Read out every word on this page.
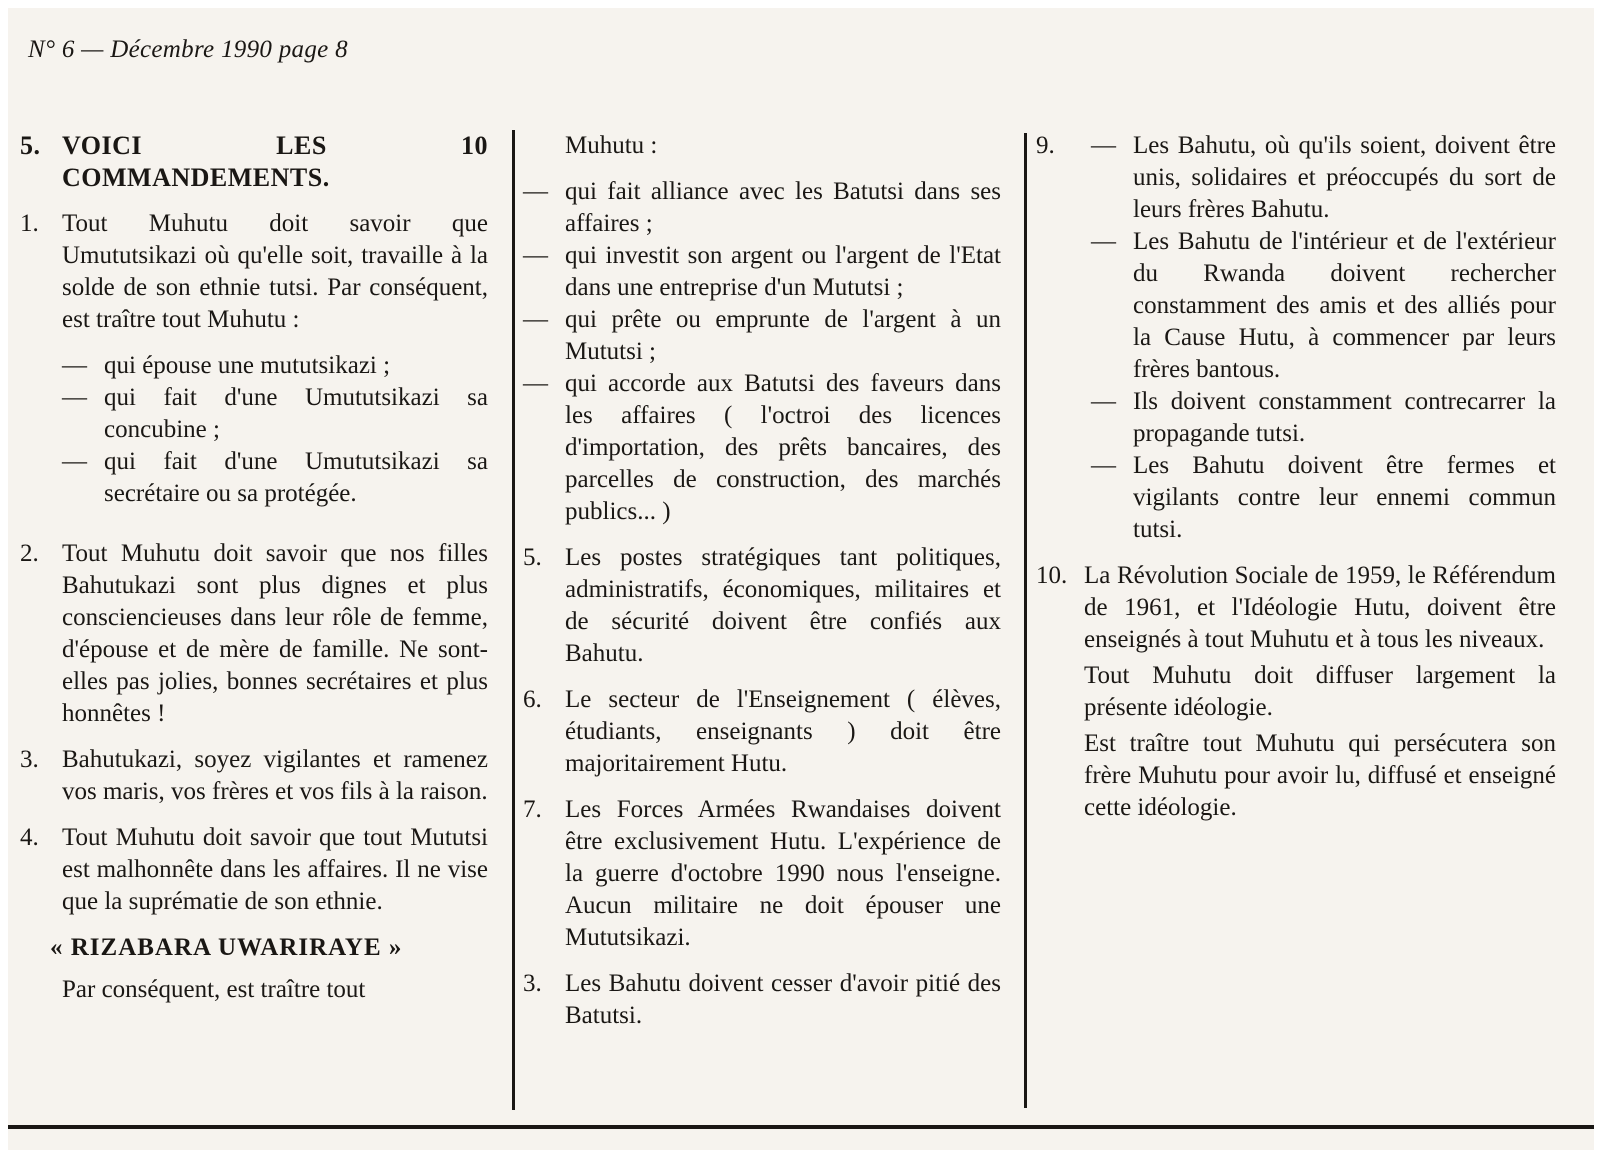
N° 6 — Décembre 1990 page 8
5. VOICI LES 10 COMMANDEMENTS.
1. Tout Muhutu doit savoir que Umututsikazi où qu'elle soit, travaille à la solde de son ethnie tutsi. Par conséquent, est traître tout Muhutu :
— qui épouse une mututsikazi ;
— qui fait d'une Umututsikazi sa concubine ;
— qui fait d'une Umututsikazi sa secrétaire ou sa protégée.
2. Tout Muhutu doit savoir que nos filles Bahutukazi sont plus dignes et plus consciencieuses dans leur rôle de femme, d'épouse et de mère de famille. Ne sont-elles pas jolies, bonnes secrétaires et plus honnêtes !
3. Bahutukazi, soyez vigilantes et ramenez vos maris, vos frères et vos fils à la raison.
4. Tout Muhutu doit savoir que tout Mututsi est malhonnête dans les affaires. Il ne vise que la suprématie de son ethnie.
« RIZABARA UWARIRAYE »
Par conséquent, est traître tout
Muhutu :
— qui fait alliance avec les Batutsi dans ses affaires ;
— qui investit son argent ou l'argent de l'Etat dans une entreprise d'un Mututsi ;
— qui prête ou emprunte de l'argent à un Mututsi ;
— qui accorde aux Batutsi des faveurs dans les affaires ( l'octroi des licences d'importation, des prêts bancaires, des parcelles de construction, des marchés publics... )
5. Les postes stratégiques tant politiques, administratifs, économiques, militaires et de sécurité doivent être confiés aux Bahutu.
6. Le secteur de l'Enseignement ( élèves, étudiants, enseignants ) doit être majoritairement Hutu.
7. Les Forces Armées Rwandaises doivent être exclusivement Hutu. L'expérience de la guerre d'octobre 1990 nous l'enseigne. Aucun militaire ne doit épouser une Mututsikazi.
3. Les Bahutu doivent cesser d'avoir pitié des Batutsi.
9.	— Les Bahutu, où qu'ils soient, doivent être unis, solidaires et préoccupés du sort de leurs frères Bahutu.
— Les Bahutu de l'intérieur et de l'extérieur du Rwanda doivent rechercher constamment des amis et des alliés pour la Cause Hutu, à commencer par leurs frères bantous.
— Ils doivent constamment contrecarrer la propagande tutsi.
— Les Bahutu doivent être fermes et vigilants contre leur ennemi commun tutsi.
10. La Révolution Sociale de 1959, le Référendum de 1961, et l'Idéologie Hutu, doivent être enseignés à tout Muhutu et à tous les niveaux.
Tout Muhutu doit diffuser largement la présente idéologie.
Est traître tout Muhutu qui persécutera son frère Muhutu pour avoir lu, diffusé et enseigné cette idéologie.
